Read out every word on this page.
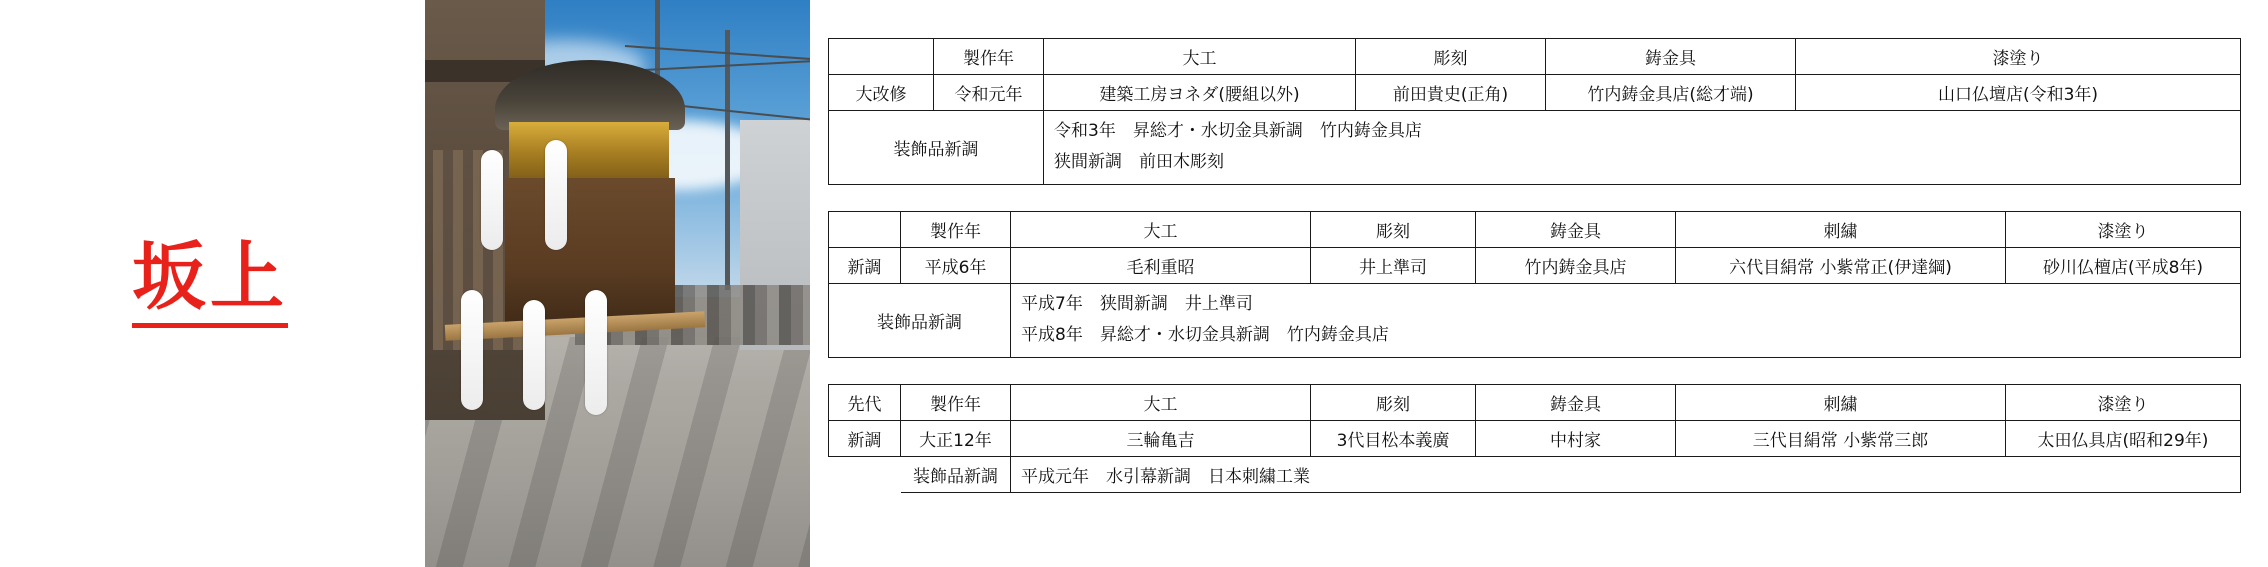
坂上
	製作年	大工	彫刻	鋳金具	漆塗り
大改修	令和元年	建築工房ヨネダ(腰組以外)	前田貴史(正角)	竹内鋳金具店(総才端)	山口仏壇店(令和3年)
装飾品新調		令和3年　昇総才・水切金具新調　竹内鋳金具店
狭間新調　前田木彫刻			
	製作年	大工	彫刻	鋳金具	刺繍	漆塗り
新調	平成6年	毛利重昭	井上準司	竹内鋳金具店	六代目絹常 小紫常正(伊達綱)	砂川仏檀店(平成8年)
装飾品新調		平成7年　狭間新調　井上準司
平成8年　昇総才・水切金具新調　竹内鋳金具店				
先代	製作年	大工	彫刻	鋳金具	刺繍	漆塗り
新調	大正12年	三輪亀吉	3代目松本義廣	中村家	三代目絹常 小紫常三郎	太田仏具店(昭和29年)
	装飾品新調	平成元年　水引幕新調　日本刺繍工業				
